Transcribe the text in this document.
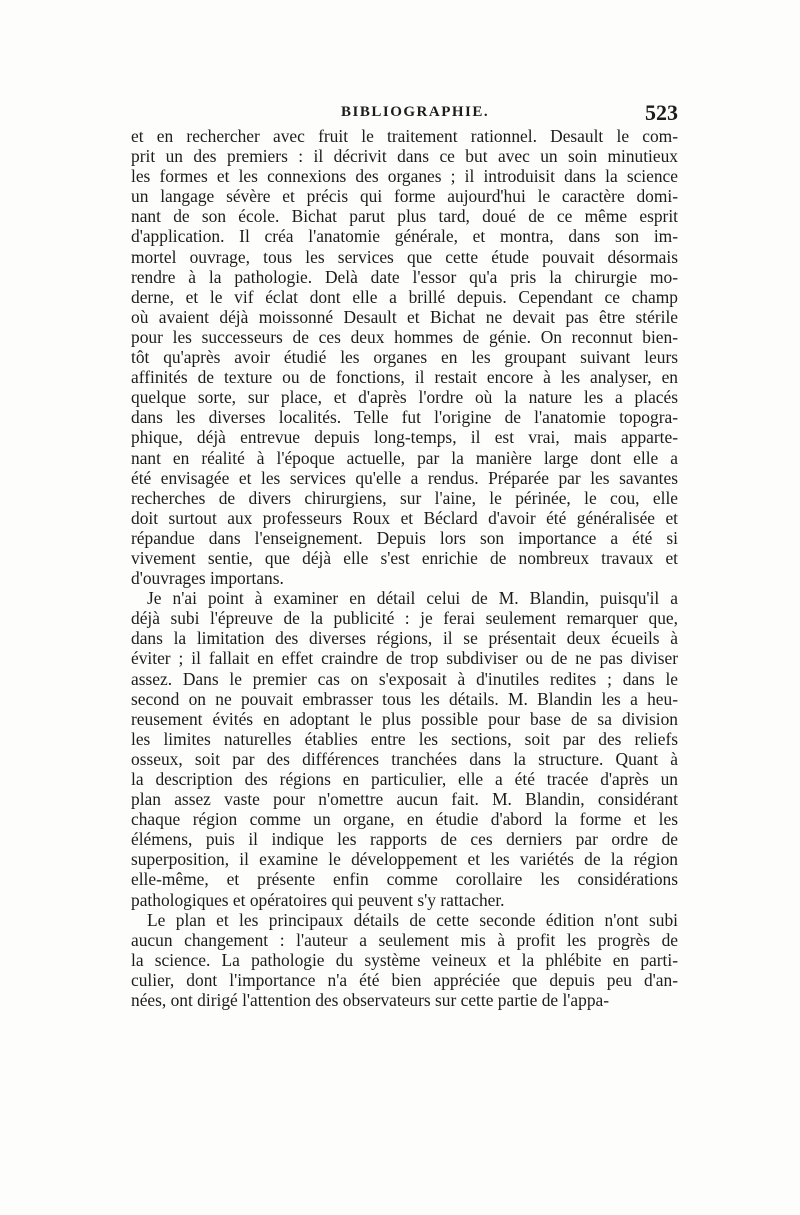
BIBLIOGRAPHIE.	523
et en rechercher avec fruit le traitement rationnel. Desault le com-
prit un des premiers : il décrivit dans ce but avec un soin minutieux
les formes et les connexions des organes ; il introduisit dans la science
un langage sévère et précis qui forme aujourd'hui le caractère domi-
nant de son école. Bichat parut plus tard, doué de ce même esprit
d'application. Il créa l'anatomie générale, et montra, dans son im-
mortel ouvrage, tous les services que cette étude pouvait désormais
rendre à la pathologie. Delà date l'essor qu'a pris la chirurgie mo-
derne, et le vif éclat dont elle a brillé depuis. Cependant ce champ
où avaient déjà moissonné Desault et Bichat ne devait pas être stérile
pour les successeurs de ces deux hommes de génie. On reconnut bien-
tôt qu'après avoir étudié les organes en les groupant suivant leurs
affinités de texture ou de fonctions, il restait encore à les analyser, en
quelque sorte, sur place, et d'après l'ordre où la nature les a placés
dans les diverses localités. Telle fut l'origine de l'anatomie topogra-
phique, déjà entrevue depuis long-temps, il est vrai, mais apparte-
nant en réalité à l'époque actuelle, par la manière large dont elle a
été envisagée et les services qu'elle a rendus. Préparée par les savantes
recherches de divers chirurgiens, sur l'aine, le périnée, le cou, elle
doit surtout aux professeurs Roux et Béclard d'avoir été généralisée et
répandue dans l'enseignement. Depuis lors son importance a été si
vivement sentie, que déjà elle s'est enrichie de nombreux travaux et
d'ouvrages importans.
Je n'ai point à examiner en détail celui de M. Blandin, puisqu'il a
déjà subi l'épreuve de la publicité : je ferai seulement remarquer que,
dans la limitation des diverses régions, il se présentait deux écueils à
éviter ; il fallait en effet craindre de trop subdiviser ou de ne pas diviser
assez. Dans le premier cas on s'exposait à d'inutiles redites ; dans le
second on ne pouvait embrasser tous les détails. M. Blandin les a heu-
reusement évités en adoptant le plus possible pour base de sa division
les limites naturelles établies entre les sections, soit par des reliefs
osseux, soit par des différences tranchées dans la structure. Quant à
la description des régions en particulier, elle a été tracée d'après un
plan assez vaste pour n'omettre aucun fait. M. Blandin, considérant
chaque région comme un organe, en étudie d'abord la forme et les
élémens, puis il indique les rapports de ces derniers par ordre de
superposition, il examine le développement et les variétés de la région
elle-même, et présente enfin comme corollaire les considérations
pathologiques et opératoires qui peuvent s'y rattacher.
Le plan et les principaux détails de cette seconde édition n'ont subi
aucun changement : l'auteur a seulement mis à profit les progrès de
la science. La pathologie du système veineux et la phlébite en parti-
culier, dont l'importance n'a été bien appréciée que depuis peu d'an-
nées, ont dirigé l'attention des observateurs sur cette partie de l'appa-
